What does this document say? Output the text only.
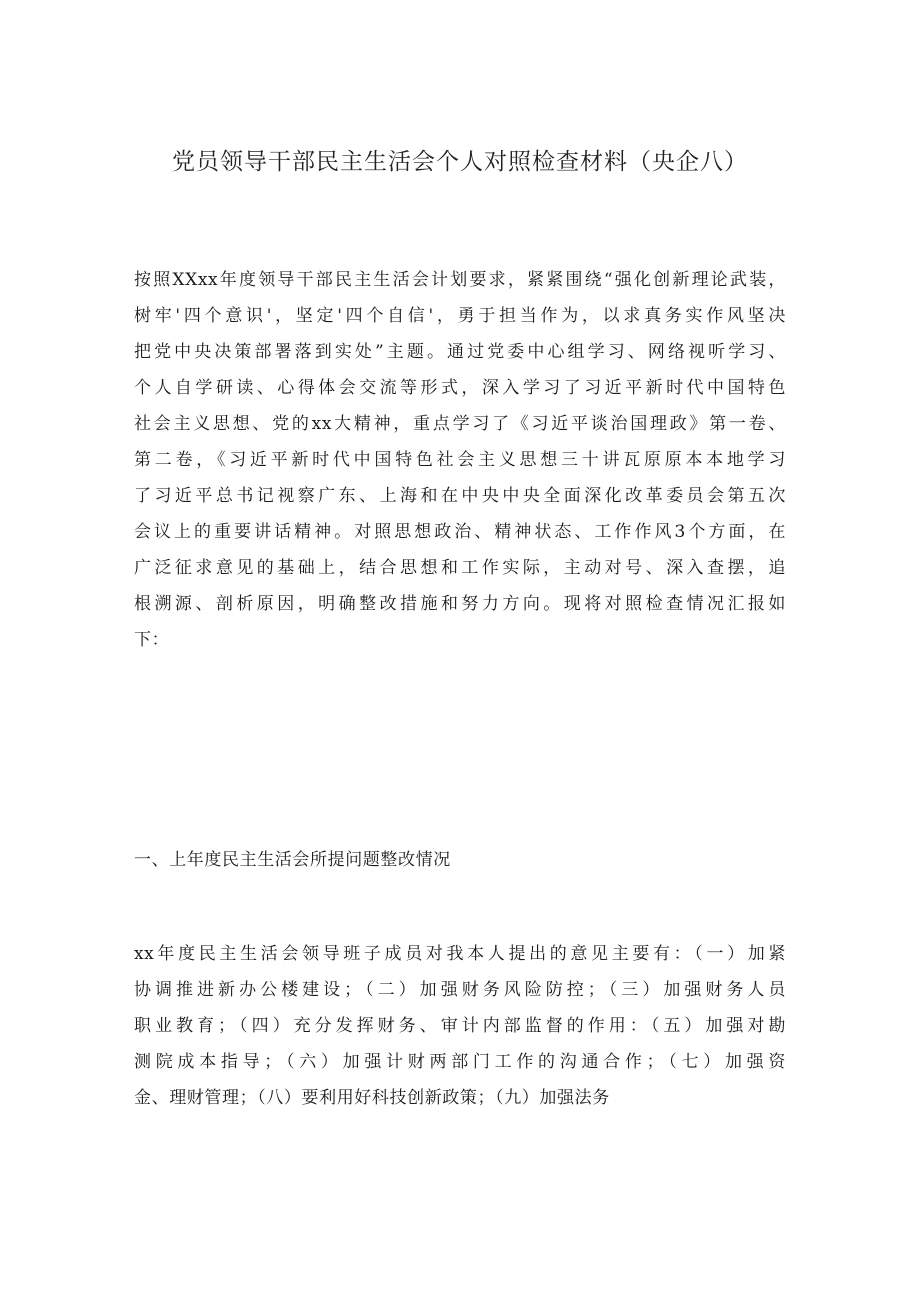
党员领导干部民主生活会个人对照检查材料（央企八）
按照XXxx年度领导干部民主生活会计划要求，紧紧围绕“强化创新理论武装，
树牢'四个意识'，坚定'四个自信'，勇于担当作为，以求真务实作风坚决
把党中央决策部署落到实处”主题。通过党委中心组学习、网络视听学习、
个人自学研读、心得体会交流等形式，深入学习了习近平新时代中国特色
社会主义思想、党的xx大精神，重点学习了《习近平谈治国理政》第一卷、
第二卷，《习近平新时代中国特色社会主义思想三十讲瓦原原本本地学习
了习近平总书记视察广东、上海和在中央中央全面深化改革委员会第五次
会议上的重要讲话精神。对照思想政治、精神状态、工作作风3个方面，在
广泛征求意见的基础上，结合思想和工作实际，主动对号、深入查摆，追
根溯源、剖析原因，明确整改措施和努力方向。现将对照检查情况汇报如
下：
一、上年度民主生活会所提问题整改情况
xx年度民主生活会领导班子成员对我本人提出的意见主要有：（一）加紧
协调推进新办公楼建设；（二）加强财务风险防控；（三）加强财务人员
职业教育；（四）充分发挥财务、审计内部监督的作用：（五）加强对勘
测院成本指导；（六）加强计财两部门工作的沟通合作；（七）加强资
金、理财管理；（八）要利用好科技创新政策；（九）加强法务
